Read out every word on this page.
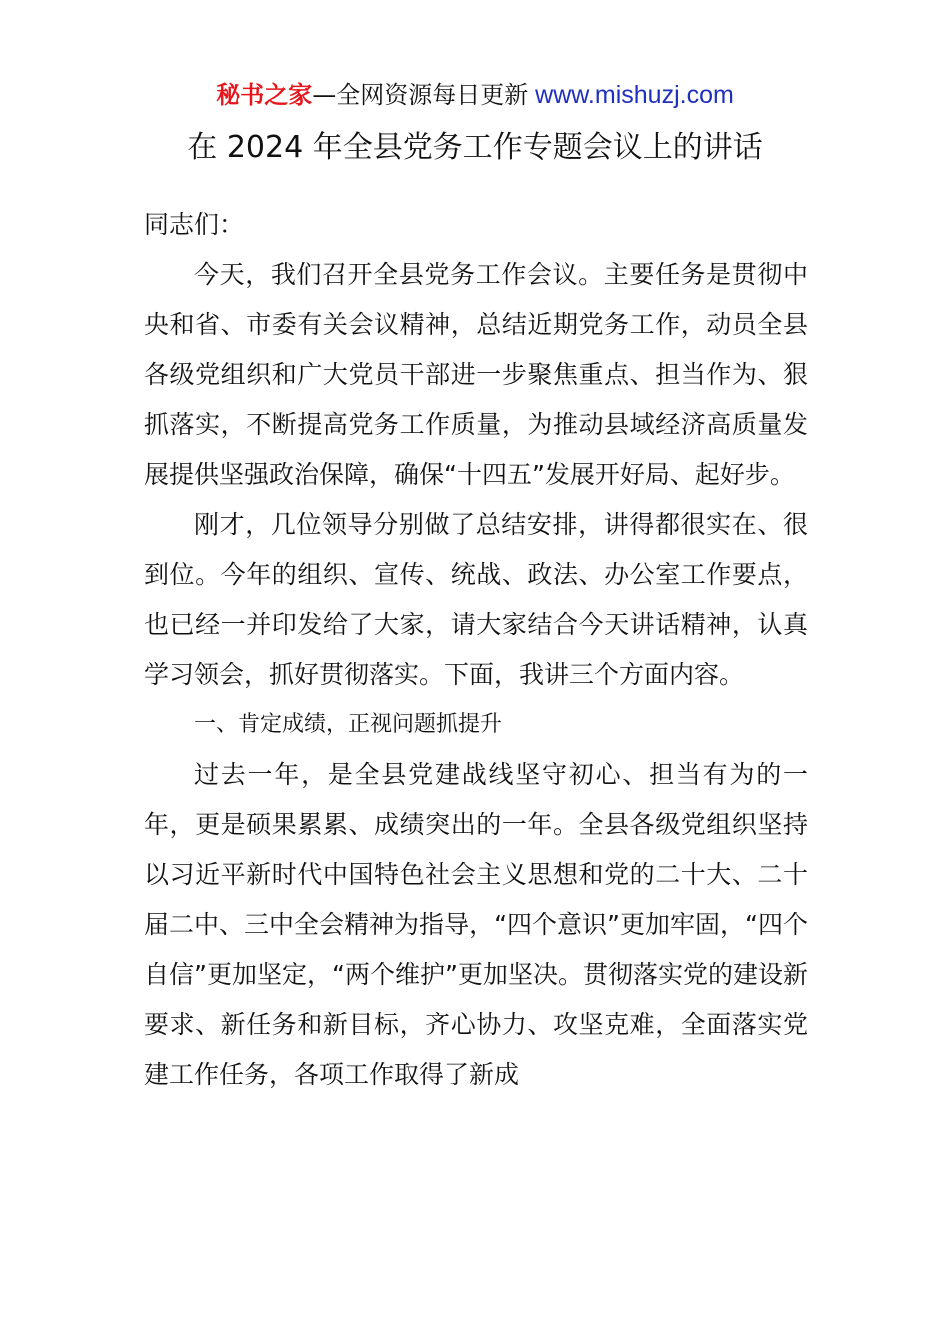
秘书之家—全网资源每日更新 www.mishuzj.com
在 2024 年全县党务工作专题会议上的讲话

同志们：

今天，我们召开全县党务工作会议。主要任务是贯彻中央和省、市委有关会议精神，总结近期党务工作，动员全县各级党组织和广大党员干部进一步聚焦重点、担当作为、狠抓落实，不断提高党务工作质量，为推动县域经济高质量发展提供坚强政治保障，确保“十四五”发展开好局、起好步。

刚才，几位领导分别做了总结安排，讲得都很实在、很到位。今年的组织、宣传、统战、政法、办公室工作要点，也已经一并印发给了大家，请大家结合今天讲话精神，认真学习领会，抓好贯彻落实。下面，我讲三个方面内容。

一、肯定成绩，正视问题抓提升

过去一年，是全县党建战线坚守初心、担当有为的一年，更是硕果累累、成绩突出的一年。全县各级党组织坚持以习近平新时代中国特色社会主义思想和党的二十大、二十届二中、三中全会精神为指导，“四个意识”更加牢固，“四个自信”更加坚定，“两个维护”更加坚决。贯彻落实党的建设新要求、新任务和新目标，齐心协力、攻坚克难，全面落实党建工作任务，各项工作取得了新成
